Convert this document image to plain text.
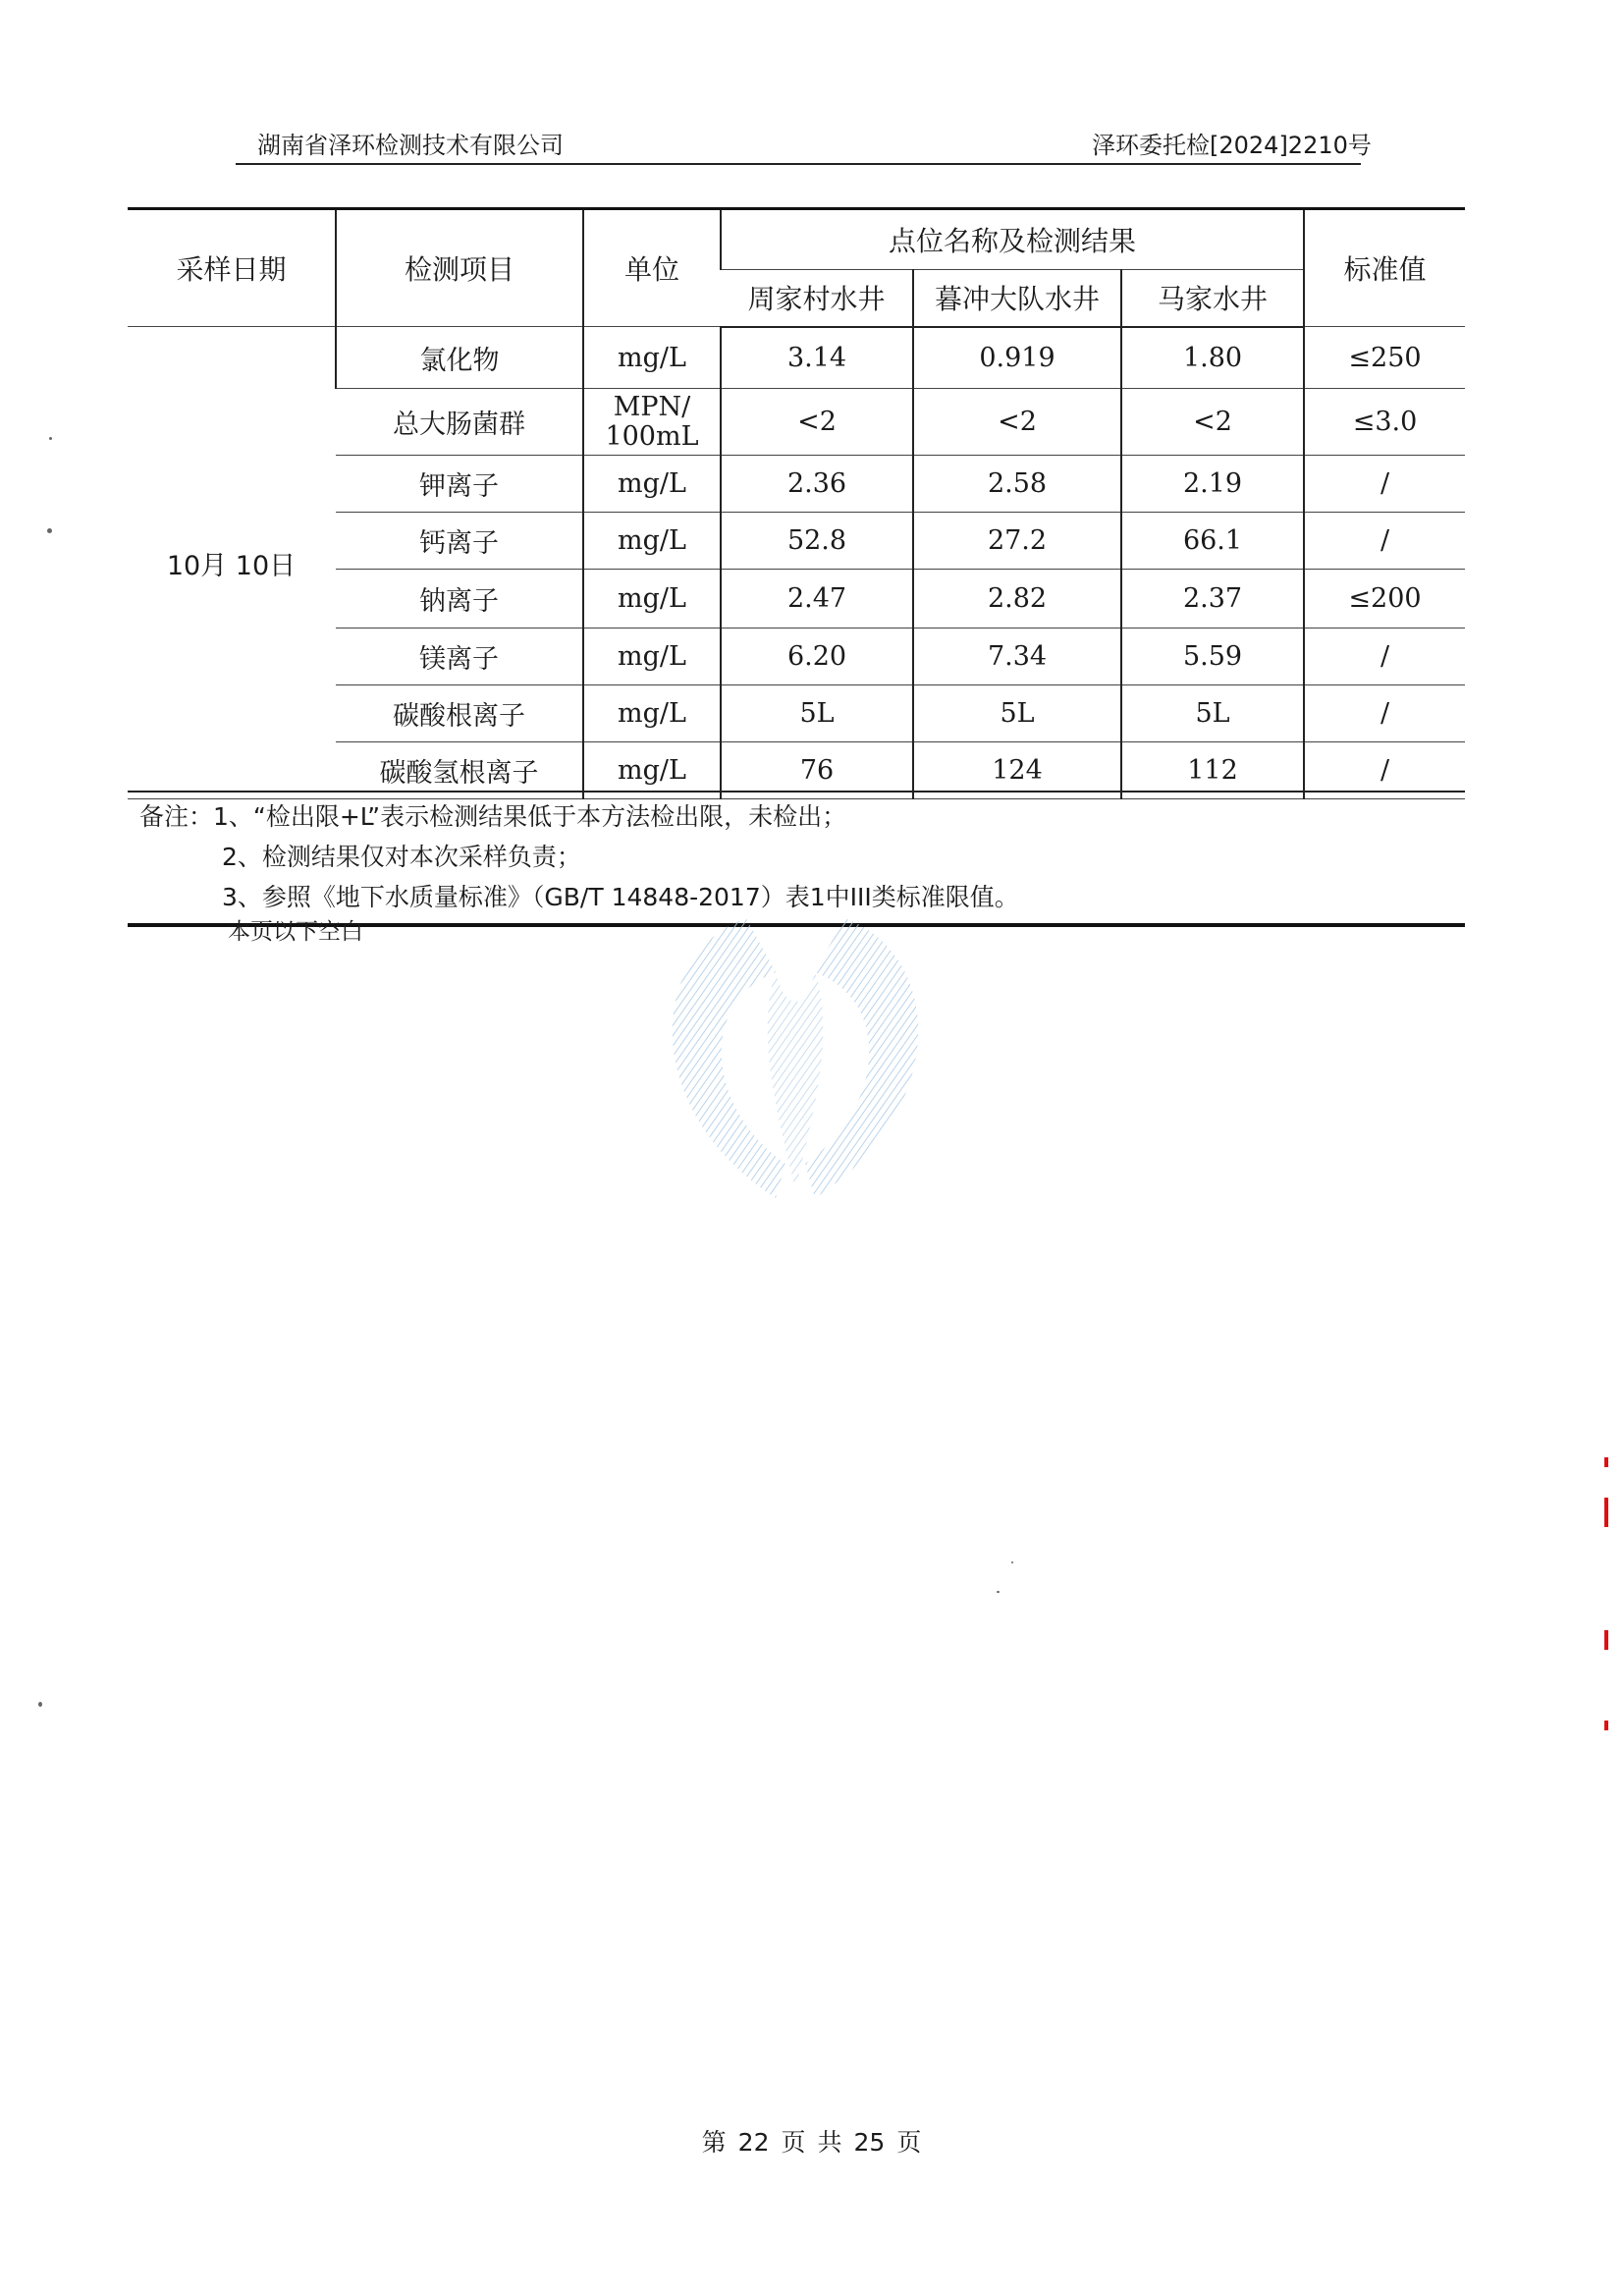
湖南省泽环检测技术有限公司	泽环委托检[2024]2210号
采样日期	检测项目	单位	点位名称及检测结果			标准值
			周家村水井	暮冲大队水井	马家水井	
10月 10日	氯化物	mg/L	3.14	0.919	1.80	≤250
	总大肠菌群	MPN/
100mL	<2	<2	<2	≤3.0
	钾离子	mg/L	2.36	2.58	2.19	/
	钙离子	mg/L	52.8	27.2	66.1	/
	钠离子	mg/L	2.47	2.82	2.37	≤200
	镁离子	mg/L	6.20	7.34	5.59	/
	碳酸根离子	mg/L	5L	5L	5L	/
	碳酸氢根离子	mg/L	76	124	112	/
备注：1、“检出限+L”表示检测结果低于本方法检出限，未检出；
2、检测结果仅对本次采样负责；
3、参照《地下水质量标准》（GB/T 14848-2017）表1中III类标准限值。
本页以下空白
第 22 页 共 25 页
